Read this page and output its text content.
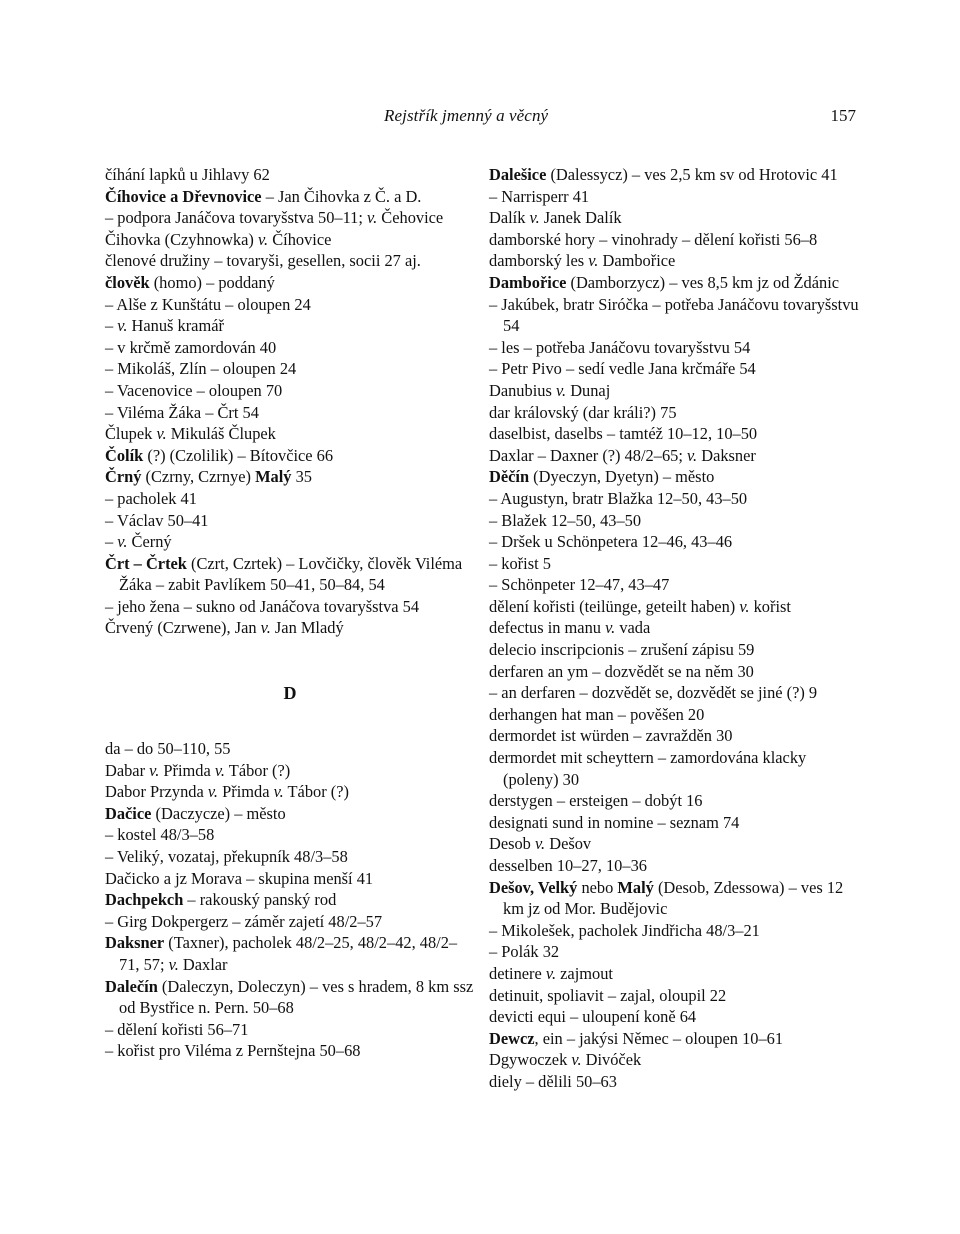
Rejstřík jmenný a věcný	157

číhání lapků u Jihlavy 62

Číhovice a Dřevnovice – Jan Čihovka z Č. a D.

– podpora Janáčova tovaryšstva 50–11; v. Čehovice

Čihovka (Czyhnowka) v. Číhovice

členové družiny – tovaryši, gesellen, socii 27 aj.

člověk (homo) – poddaný

– Alše z Kunštátu – oloupen 24

– v. Hanuš kramář

– v krčmě zamordován 40

– Mikoláš, Zlín – oloupen 24

– Vacenovice – oloupen 70

– Viléma Žáka – Črt 54

Člupek v. Mikuláš Člupek

Čolík (?) (Czolilik) – Bítovčice 66

Črný (Czrny, Czrnye) Malý 35

– pacholek 41

– Václav 50–41

– v. Černý

Črt – Črtek (Czrt, Czrtek) – Lovčičky, člověk Viléma Žáka – zabit Pavlíkem 50–41, 50–84, 54

– jeho žena – sukno od Janáčova tovaryšstva 54

Črvený (Czrwene), Jan v. Jan Mladý

D

da – do 50–110, 55

Dabar v. Přimda v. Tábor (?)

Dabor Przynda v. Přimda v. Tábor (?)

Dačice (Daczycze) – město

– kostel 48/3–58

– Veliký, vozataj, překupník 48/3–58

Dačicko a jz Morava – skupina menší 41

Dachpekch – rakouský panský rod

– Girg Dokpergerz – záměr zajetí 48/2–57

Daksner (Taxner), pacholek 48/2–25, 48/2–42, 48/2–71, 57; v. Daxlar

Dalečín (Daleczyn, Doleczyn) – ves s hradem, 8 km ssz od Bystřice n. Pern. 50–68

– dělení kořisti 56–71

– kořist pro Viléma z Pernštejna 50–68

Dalešice (Dalessycz) – ves 2,5 km sv od Hrotovic 41

– Narrisperr 41

Dalík v. Janek Dalík

damborské hory – vinohrady – dělení kořisti 56–8

damborský les v. Dambořice

Dambořice (Damborzycz) – ves 8,5 km jz od Ždánic

– Jakúbek, bratr Siróčka – potřeba Janáčovu tovaryšstvu 54

– les – potřeba Janáčovu tovaryšstvu 54

– Petr Pivo – sedí vedle Jana krčmáře 54

Danubius v. Dunaj

dar královský (dar králi?) 75

daselbist, daselbs – tamtéž 10–12, 10–50

Daxlar – Daxner (?) 48/2–65; v. Daksner

Děčín (Dyeczyn, Dyetyn) – město

– Augustyn, bratr Blažka 12–50, 43–50

– Blažek 12–50, 43–50

– Dršek u Schönpetera 12–46, 43–46

– kořist 5

– Schönpeter 12–47, 43–47

dělení kořisti (teilünge, geteilt haben) v. kořist

defectus in manu v. vada

delecio inscripcionis – zrušení zápisu 59

derfaren an ym – dozvědět se na něm 30

– an derfaren – dozvědět se, dozvědět se jiné (?) 9

derhangen hat man – pověšen 20

dermordet ist würden – zavražděn 30

dermordet mit scheyttern – zamordována klacky (poleny) 30

derstygen – ersteigen – dobýt 16

designati sund in nomine – seznam 74

Desob v. Dešov

desselben 10–27, 10–36

Dešov, Velký nebo Malý (Desob, Zdessowa) – ves 12 km jz od Mor. Budějovic

– Mikolešek, pacholek Jindřicha 48/3–21

– Polák 32

detinere v. zajmout

detinuit, spoliavit – zajal, oloupil 22

devicti equi – uloupení koně 64

Dewcz, ein – jakýsi Němec – oloupen 10–61

Dgywoczek v. Divóček

diely – dělili 50–63
